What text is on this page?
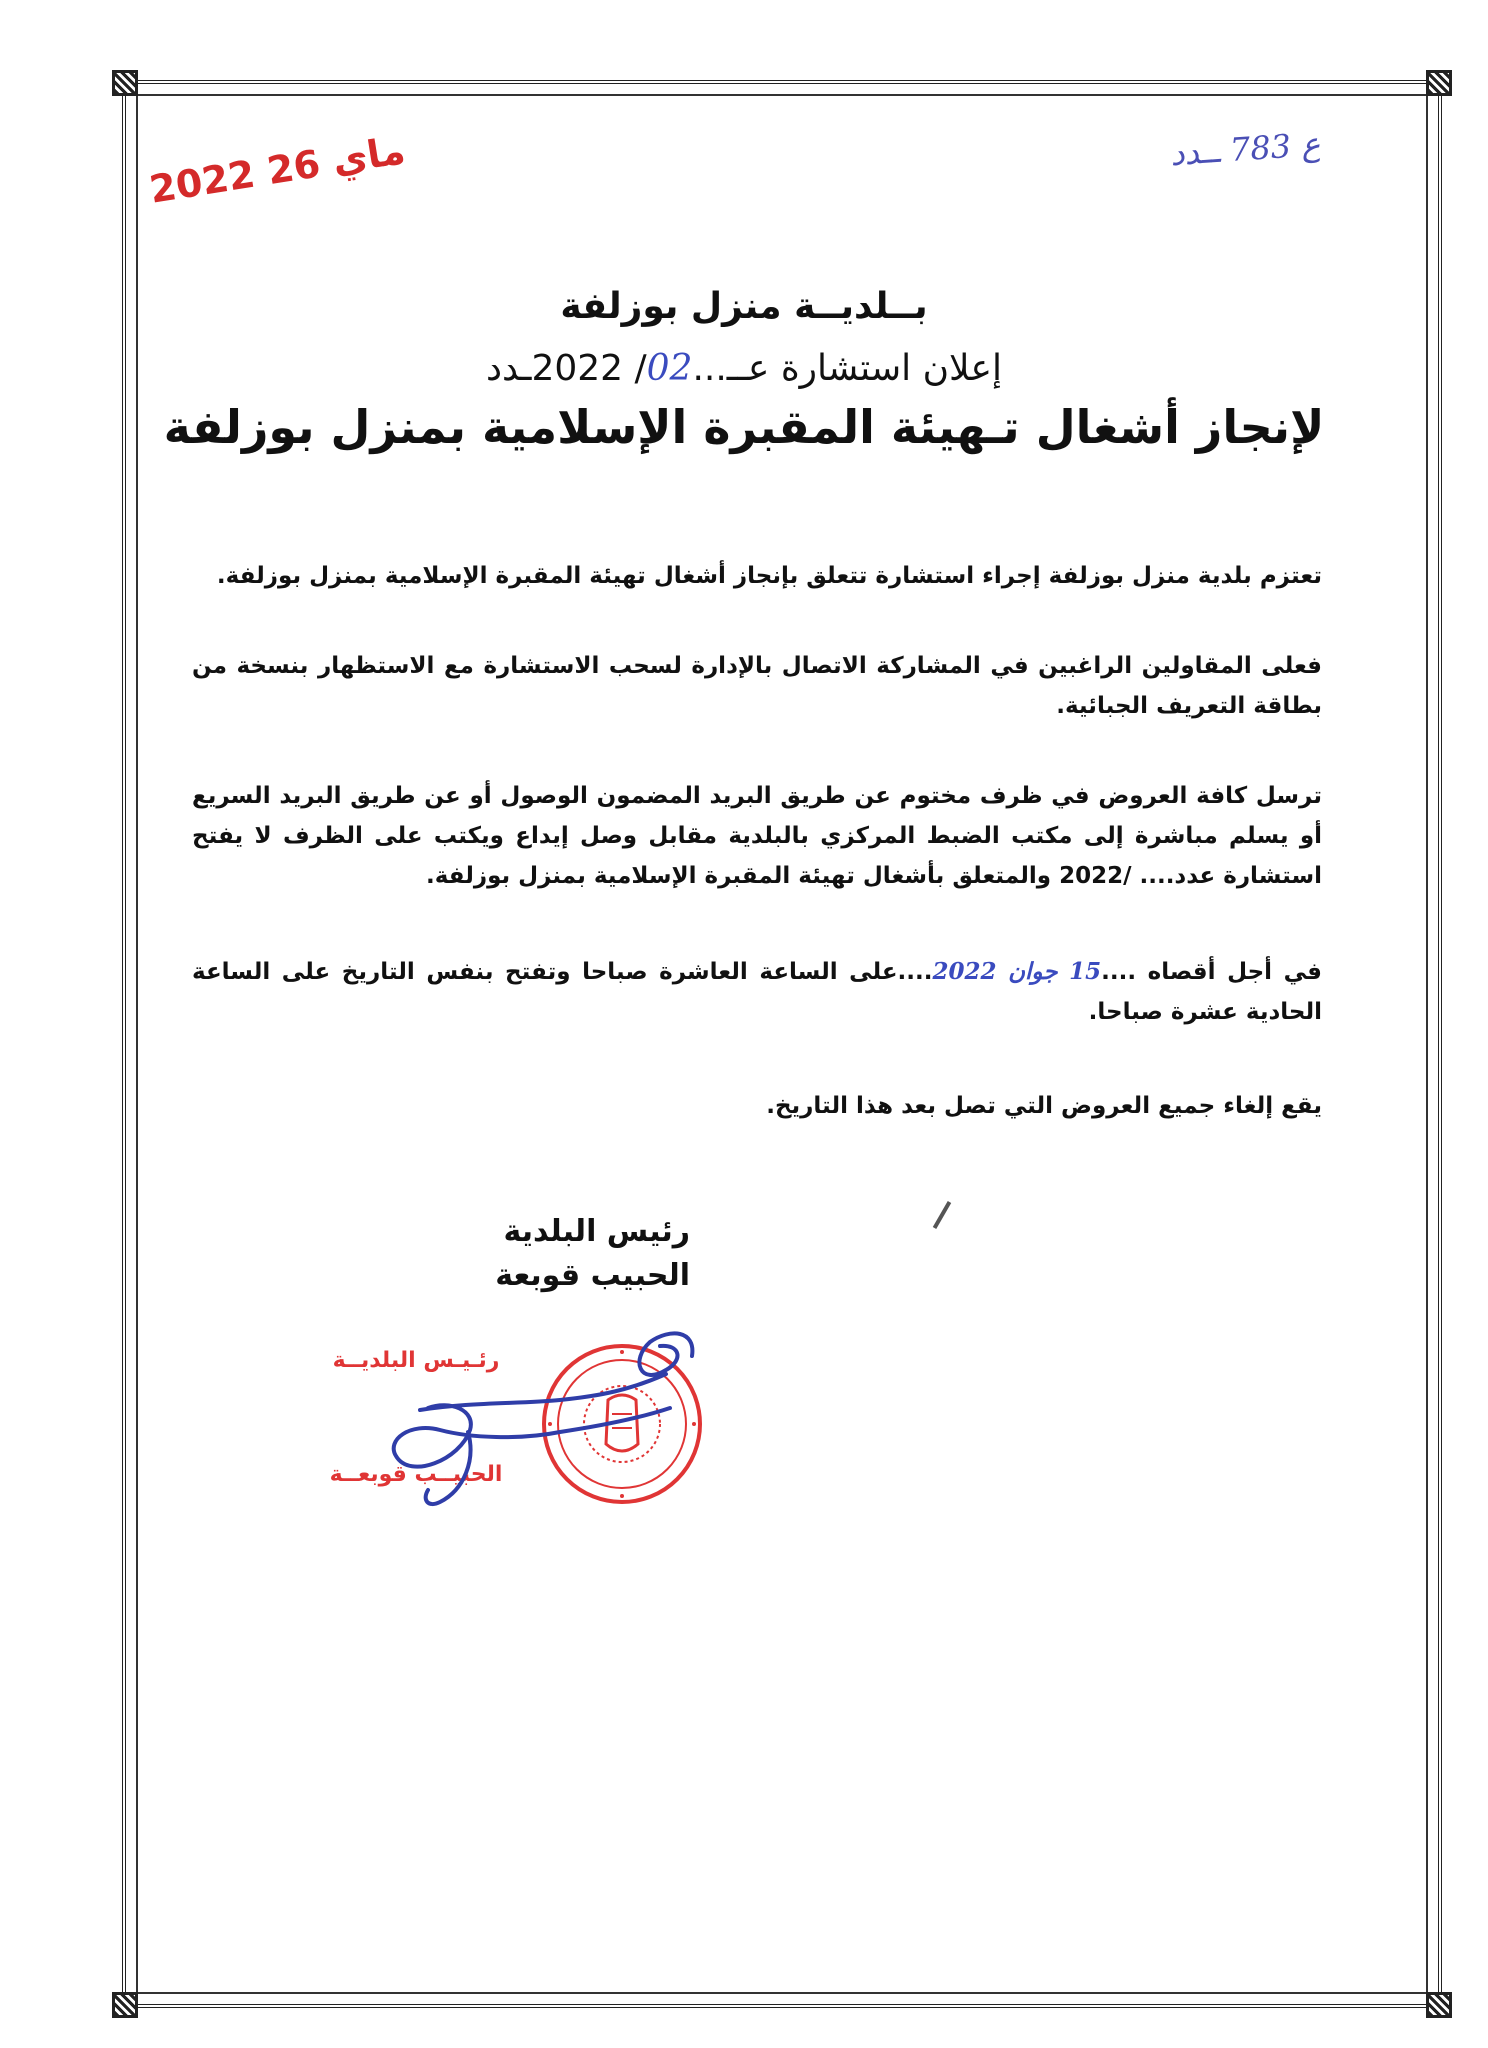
2022 ماي 26	ع 783 ــدد
بــلديــة منزل بوزلفة
إعلان استشارة عــ...02/ 2022ـدد
لإنجاز أشغال تـهيئة المقبرة الإسلامية بمنزل بوزلفة
تعتزم بلدية منزل بوزلفة إجراء استشارة تتعلق بإنجاز أشغال تهيئة المقبرة الإسلامية بمنزل بوزلفة.
فعلى المقاولين الراغبين في المشاركة الاتصال بالإدارة لسحب الاستشارة مع الاستظهار بنسخة من بطاقة التعريف الجبائية.
ترسل كافة العروض في ظرف مختوم عن طريق البريد المضمون الوصول أو عن طريق البريد السريع أو يسلم مباشرة إلى مكتب الضبط المركزي بالبلدية مقابل وصل إيداع ويكتب على الظرف لا يفتح استشارة عدد.... /2022 والمتعلق بأشغال تهيئة المقبرة الإسلامية بمنزل بوزلفة.
في أجل أقصاه ....15 جوان 2022....على الساعة العاشرة صباحا وتفتح بنفس التاريخ على الساعة الحادية عشرة صباحا.
يقع إلغاء جميع العروض التي تصل بعد هذا التاريخ.
رئيس البلدية
الحبيب قوبعة
رئـيـس البلديــة
الحبيــب قوبعــة
